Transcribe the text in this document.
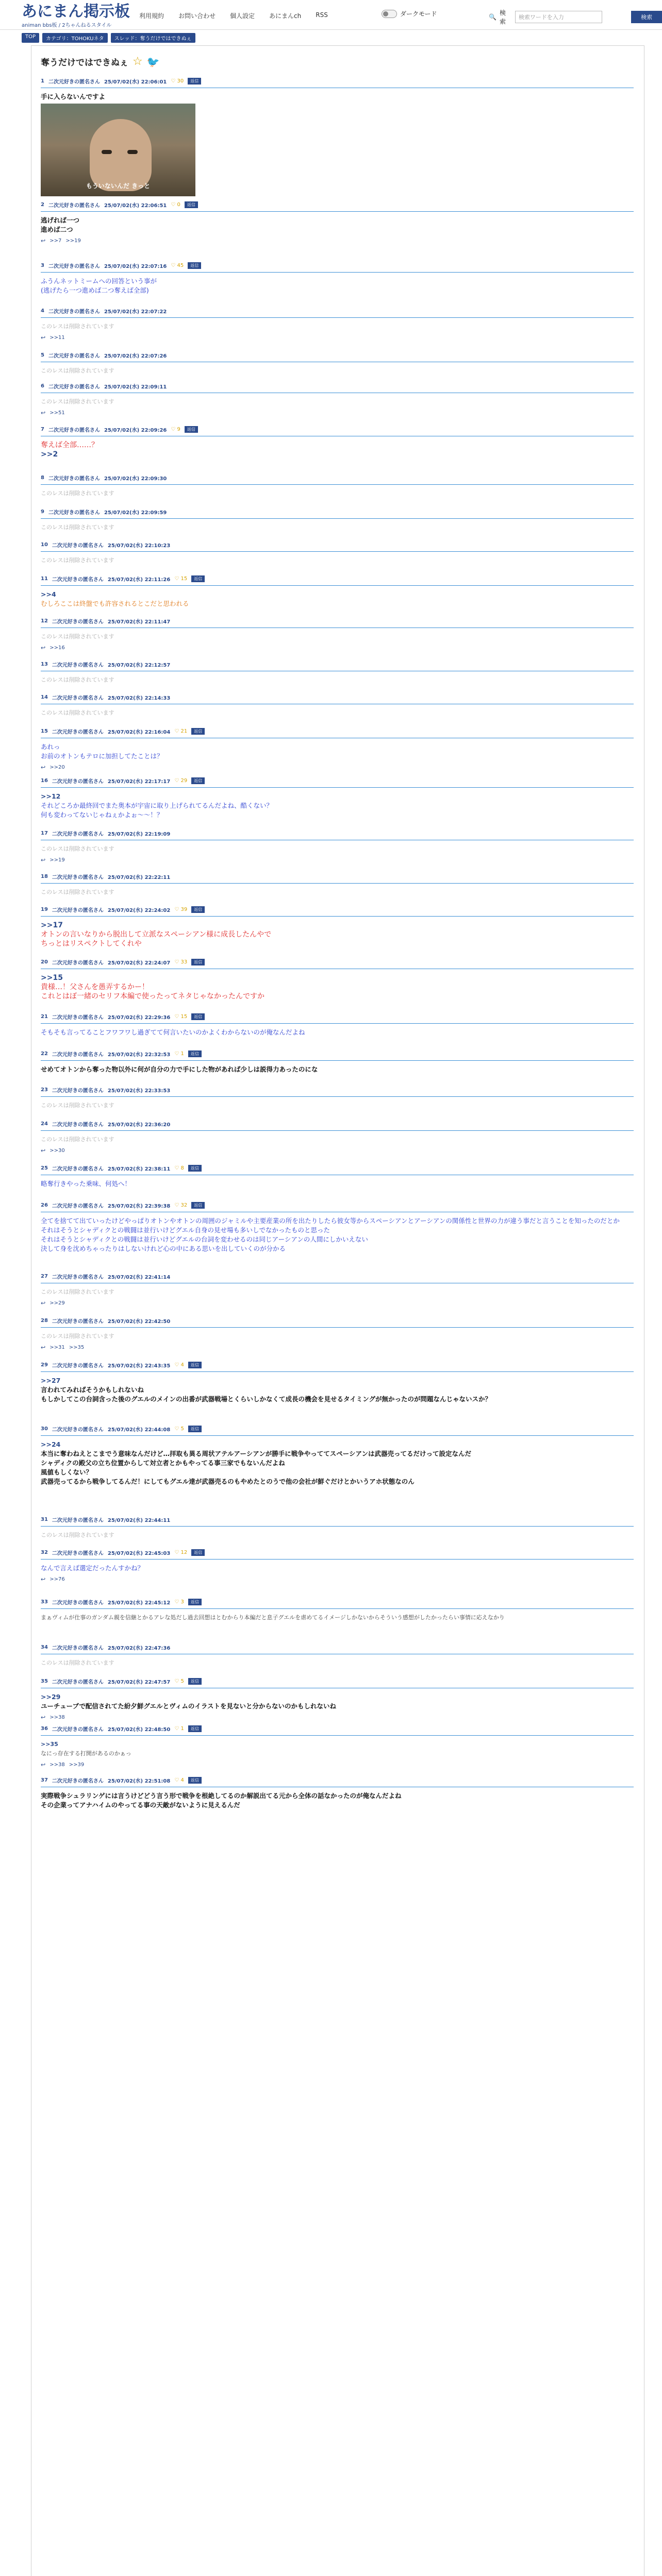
あにまん掲示板
animan bbs板 / 2ちゃんねるスタイル
利用規約 お問い合わせ 個人設定 あにまんch RSS	ダークモード	🔍
検索
検索ワードを入力	検索
TOP	カテゴリ：TOHOKUネタ	スレッド：奪うだけではできぬぇ
奪うだけではできぬぇ ☆ 🐦
1 二次元好きの匿名さん 25/07/02(水) 22:06:01 ♡ 30	返信
手に入らないんですよ
もういないんだ きっと
2 二次元好きの匿名さん 25/07/02(水) 22:06:51 ♡ 0	返信
逃げれば一つ
進めば二つ
↩ >>7 >>19
3 二次元好きの匿名さん 25/07/02(水) 22:07:16 ♡ 45	返信
ふうんネットミームへの回答という事が
(逃げたら一つ進めば二つ奪えば全部)
4 二次元好きの匿名さん 25/07/02(水) 22:07:22
このレスは削除されています
↩ >>11
5 二次元好きの匿名さん 25/07/02(水) 22:07:26
このレスは削除されています
6 二次元好きの匿名さん 25/07/02(水) 22:09:11
このレスは削除されています
↩ >>51
7 二次元好きの匿名さん 25/07/02(水) 22:09:26 ♡ 9	返信
奪えば全部……？
>>2
8 二次元好きの匿名さん 25/07/02(水) 22:09:30
このレスは削除されています
9 二次元好きの匿名さん 25/07/02(水) 22:09:59
このレスは削除されています
10 二次元好きの匿名さん 25/07/02(水) 22:10:23
このレスは削除されています
11 二次元好きの匿名さん 25/07/02(水) 22:11:26 ♡ 15	返信
>>4
むしろここは終盤でも許容されるとこだと思われる
12 二次元好きの匿名さん 25/07/02(水) 22:11:47
このレスは削除されています
↩ >>16
13 二次元好きの匿名さん 25/07/02(水) 22:12:57
このレスは削除されています
14 二次元好きの匿名さん 25/07/02(水) 22:14:33
このレスは削除されています
15 二次元好きの匿名さん 25/07/02(水) 22:16:04 ♡ 21	返信
あれっ
お前のオトンもテロに加担してたことは？
↩ >>20
16 二次元好きの匿名さん 25/07/02(水) 22:17:17 ♡ 29	返信
>>12
それどころか最終回でまた奥本が宇宙に取り上げられてるんだよね、酷くない？
何も変わってないじゃねぇかよぉ～～！？
17 二次元好きの匿名さん 25/07/02(水) 22:19:09
このレスは削除されています
↩ >>19
18 二次元好きの匿名さん 25/07/02(水) 22:22:11
このレスは削除されています
19 二次元好きの匿名さん 25/07/02(水) 22:24:02 ♡ 39	返信
>>17
オトンの言いなりから脱出して立派なスペーシアン様に成長したんやで
ちっとはリスペクトしてくれや
20 二次元好きの匿名さん 25/07/02(水) 22:24:07 ♡ 33	返信
>>15
貴様…！父さんを愚弄するかー！
これとはぼ一緒のセリフ本編で使ったってネタじゃなかったんですか
21 二次元好きの匿名さん 25/07/02(水) 22:29:36 ♡ 15	返信
そもそも言ってることフワフワし過ぎてて何言いたいのかよくわからないのが俺なんだよね
22 二次元好きの匿名さん 25/07/02(水) 22:32:53 ♡ 1	返信
せめてオトンから奪った物以外に何が自分の力で手にした物があれば少しは説得力あったのにな
23 二次元好きの匿名さん 25/07/02(水) 22:33:53
このレスは削除されています
24 二次元好きの匿名さん 25/07/02(水) 22:36:20
このレスは削除されています
↩ >>30
25 二次元好きの匿名さん 25/07/02(水) 22:38:11 ♡ 8	返信
略奪行きやった乗味、何処へ！
26 二次元好きの匿名さん 25/07/02(水) 22:39:38 ♡ 32	返信
全てを捨てて出ていったけどやっぱりオトンやオトンの周囲のジャミルや主要産業の所を出たりしたら彼女等からスペーシアンとアーシアンの関係性と世界の力が違う事だと言うことを知ったのだとか
それはそうとシャディクとの戦闘は並行いけどグエル自身の見せ場も多いしでなかったものと思った
それはそうとシャディクとの戦闘は並行いけどグエルの台詞を変わせるのは同じアーシアンの人間にしかいえない
決して身を沈めちゃったりはしないけれど心の中にある思いを出していくのが分かる
27 二次元好きの匿名さん 25/07/02(水) 22:41:14
このレスは削除されています
↩ >>29
28 二次元好きの匿名さん 25/07/02(水) 22:42:50
このレスは削除されています
↩ >>31 >>35
29 二次元好きの匿名さん 25/07/02(水) 22:43:35 ♡ 4	返信
>>27
言われてみればそうかもしれないね
もしかしてこの台詞含った後のグエルのメインの出番が武器戦場とくらいしかなくて成長の機会を見せるタイミングが無かったのが問題なんじゃないスか？
30 二次元好きの匿名さん 25/07/02(水) 22:44:08 ♡ 5	返信
>>24
本当に奪わねえとこまでう意味なんだけど…拝取も異る周状アテルアーシアンが勝手に戦争やっててスペーシアンは武器売ってるだけって設定なんだ
シャディクの殿父の立ち位置からして対立者とかもやってる事三家でもないんだよね
風値もしくない？
武器売ってるから戦争してるんだ！にしてもグエル達が武器売るのもやめたとのうで他の会社が鮮ぐだけとかいうアホ状態なのん
31 二次元好きの匿名さん 25/07/02(水) 22:44:11
このレスは削除されています
32 二次元好きの匿名さん 25/07/02(水) 22:45:03 ♡ 12	返信
なんで言えば選定だったんすかね？
↩ >>76
33 二次元好きの匿名さん 25/07/02(水) 22:45:12 ♡ 3	返信
まぁヴィムが仕事のガンダム親を信継とかるアレな処だし過去回想はとむからり本編だと息子グエルを虐めてるイメージしかないからそういう感想がしたかったらい事情に応えなかり
34 二次元好きの匿名さん 25/07/02(水) 22:47:36
このレスは削除されています
35 二次元好きの匿名さん 25/07/02(水) 22:47:57 ♡ 5	返信
>>29
ユーチューブで配信されてた紛夕鮮グエルとヴィムのイラストを見ないと分からないのかもしれないね
↩ >>38
36 二次元好きの匿名さん 25/07/02(水) 22:48:50 ♡ 1	返信
>>35
なにっ存在する打開があるのかぁっ
↩ >>38 >>39
37 二次元好きの匿名さん 25/07/02(水) 22:51:08 ♡ 4	返信
実際戦争シュラリンゲには言うけどどう言う形で戦争を根絶してるのか解説出てる元から全体の話なかったのが俺なんだよね
その企業ってアナハイムのやってる事の天敵がないように見えるんだ
